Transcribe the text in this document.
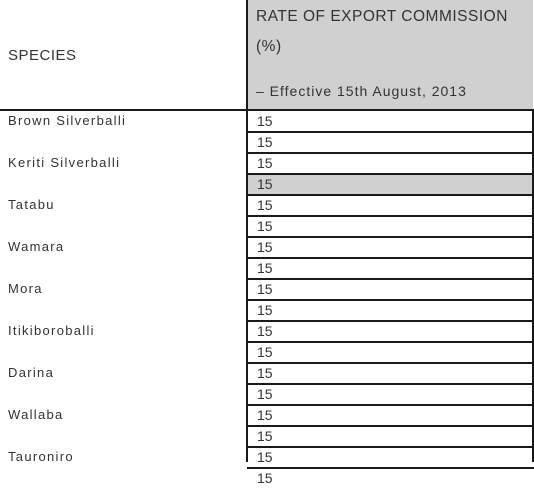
SPECIES
RATE OF EXPORT COMMISSION (%)
– Effective 15th August, 2013
Brown Silverballi
Keriti Silverballi
Tatabu
Wamara
Mora
Itikiboroballi
Darina
Wallaba
Tauroniro
15
15
15
15
15
15
15
15
15
15
15
15
15
15
15
15
15
15
